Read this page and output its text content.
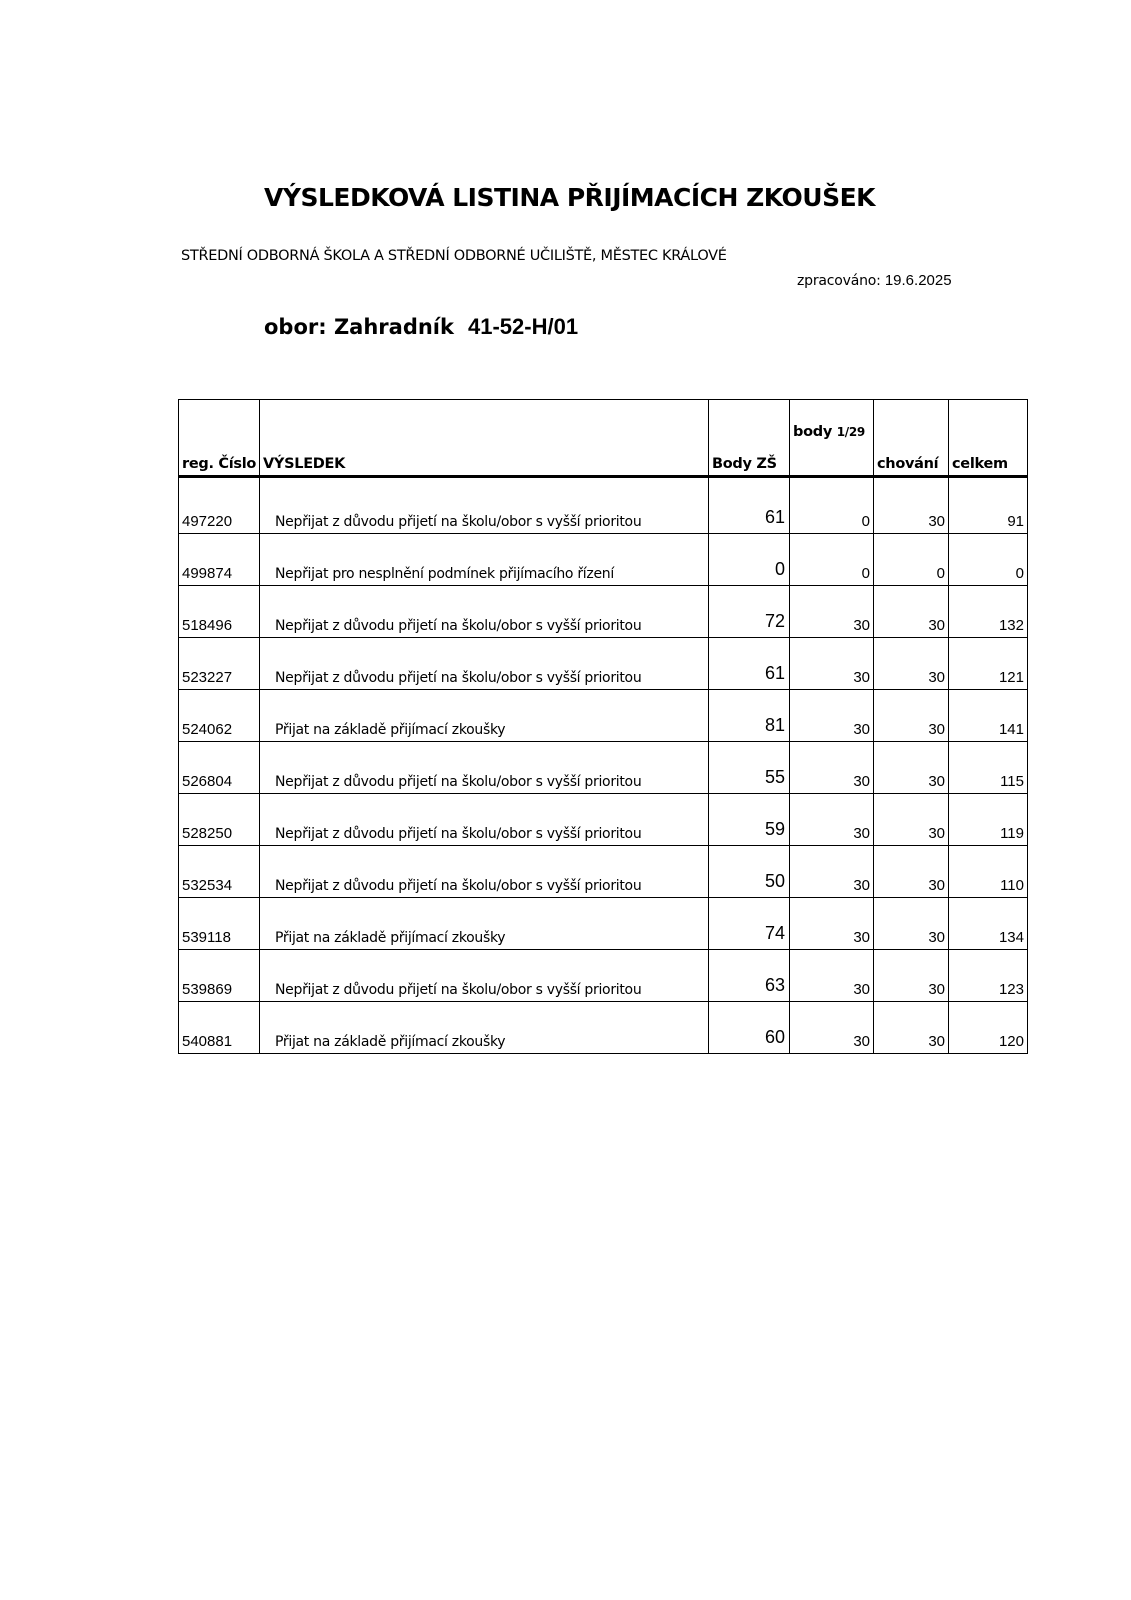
VÝSLEDKOVÁ LISTINA PŘIJÍMACÍCH ZKOUŠEK
STŘEDNÍ ODBORNÁ ŠKOLA A STŘEDNÍ ODBORNÉ UČILIŠTĚ, MĚSTEC KRÁLOVÉ
zpracováno: 19.6.2025
obor: Zahradník 41-52-H/01
reg. Číslo	VÝSLEDEK	Body ZŠ	body 1/29	chování	celkem
497220	Nepřijat z důvodu přijetí na školu/obor s vyšší prioritou	61	0	30	91
499874	Nepřijat pro nesplnění podmínek přijímacího řízení	0	0	0	0
518496	Nepřijat z důvodu přijetí na školu/obor s vyšší prioritou	72	30	30	132
523227	Nepřijat z důvodu přijetí na školu/obor s vyšší prioritou	61	30	30	121
524062	Přijat na základě přijímací zkoušky	81	30	30	141
526804	Nepřijat z důvodu přijetí na školu/obor s vyšší prioritou	55	30	30	115
528250	Nepřijat z důvodu přijetí na školu/obor s vyšší prioritou	59	30	30	119
532534	Nepřijat z důvodu přijetí na školu/obor s vyšší prioritou	50	30	30	110
539118	Přijat na základě přijímací zkoušky	74	30	30	134
539869	Nepřijat z důvodu přijetí na školu/obor s vyšší prioritou	63	30	30	123
540881	Přijat na základě přijímací zkoušky	60	30	30	120
